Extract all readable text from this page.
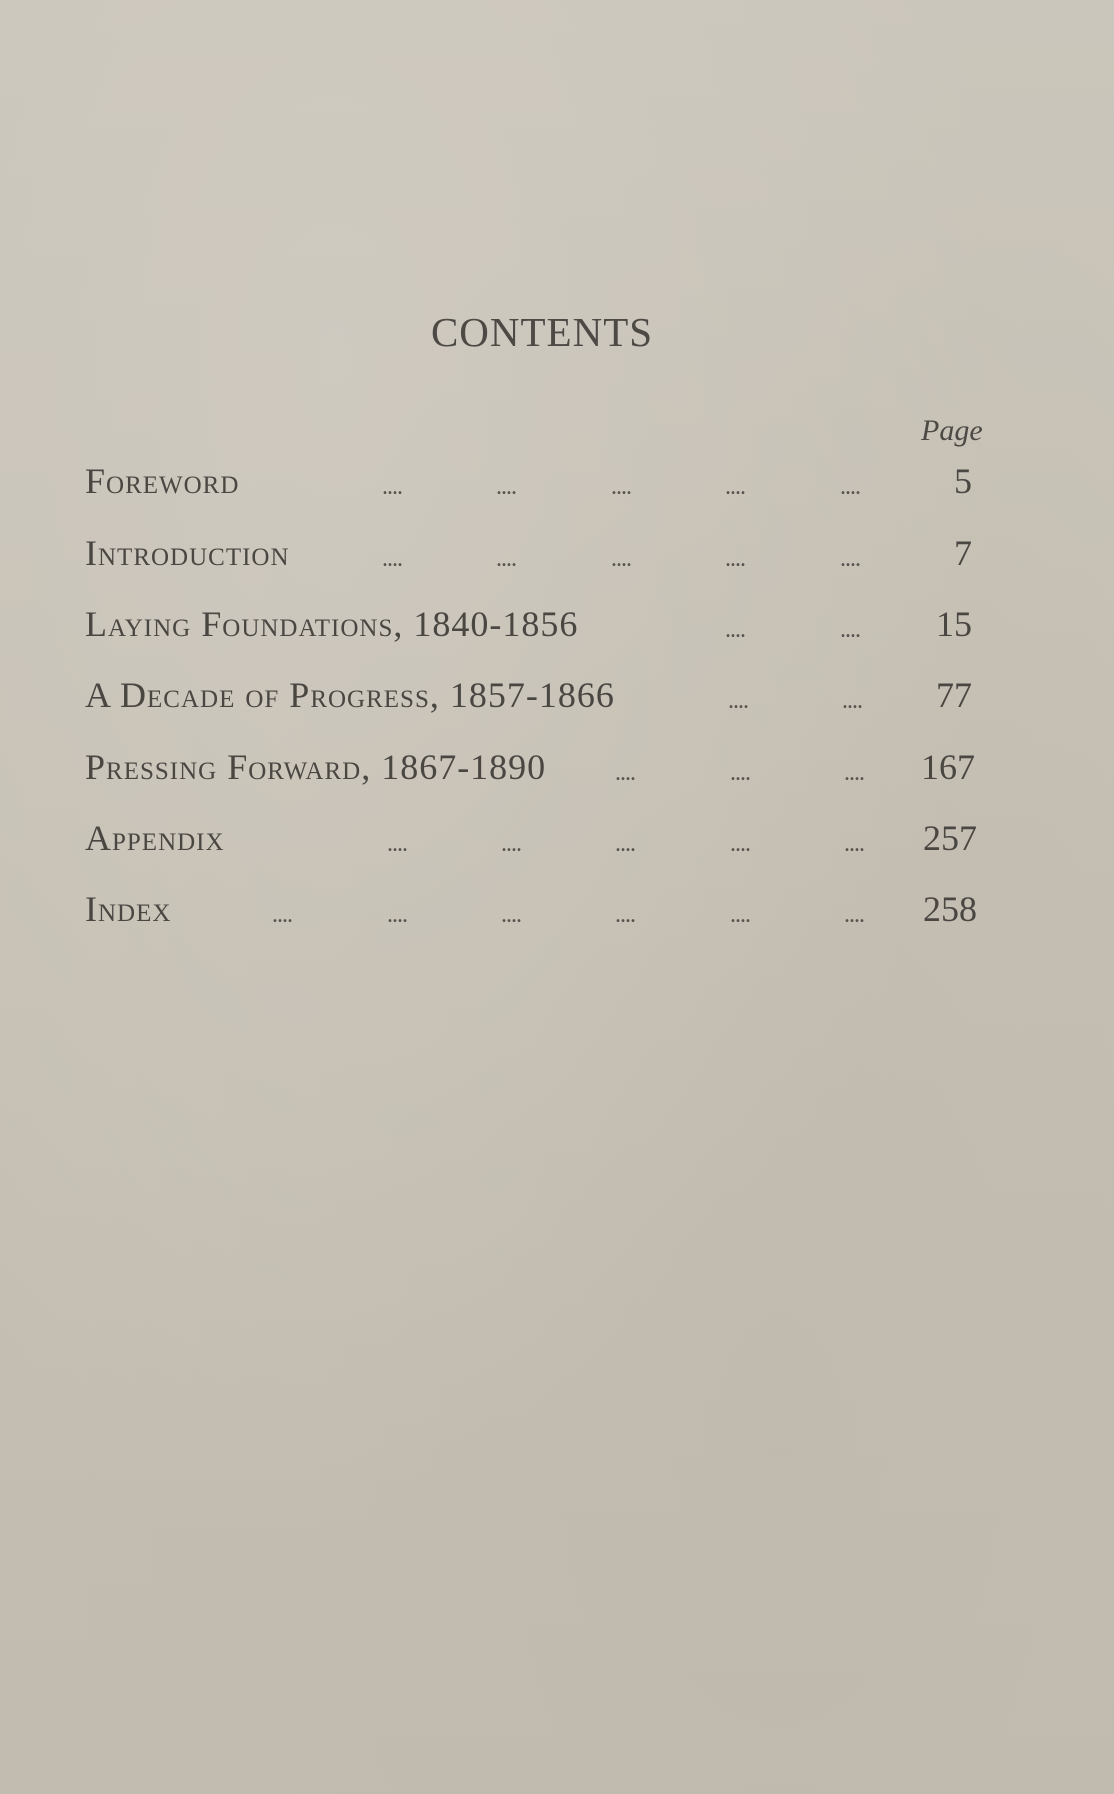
CONTENTS
Page
Foreword	....	....	....	....	....	5
Introduction	....	....	....	....	....	7
Laying Foundations, 1840-1856	....	.... 15
A Decade of Progress, 1857-1866	....	.... 77
Pressing Forward, 1867-1890	....	....	.... 167
Appendix	....	....	....	....	.... 257
Index	....	....	....	....	....	.... 258
